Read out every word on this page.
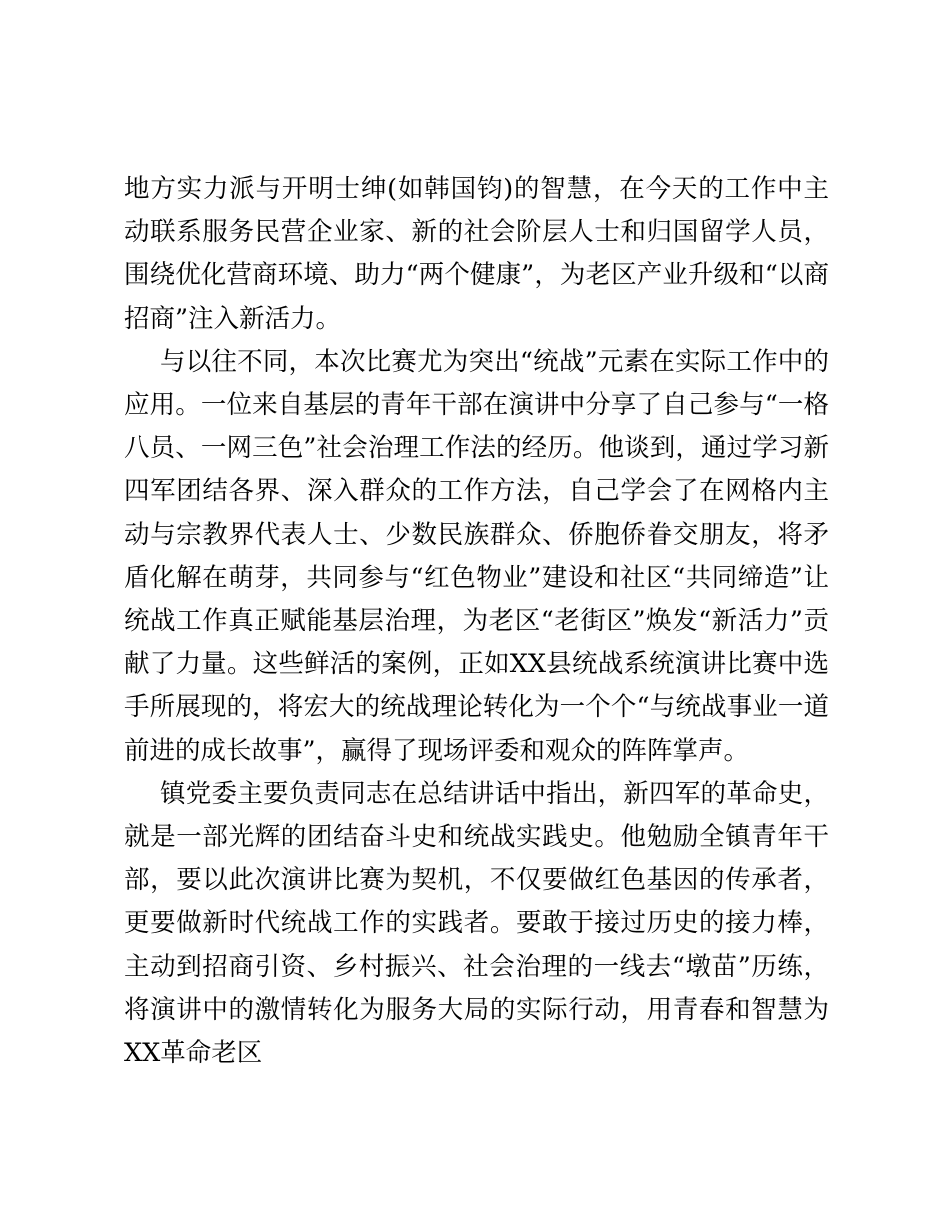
地方实力派与开明士绅(如韩国钧)的智慧，在今天的工作中主动联系服务民营企业家、新的社会阶层人士和归国留学人员，围绕优化营商环境、助力“两个健康”，为老区产业升级和“以商招商”注入新活力。

与以往不同，本次比赛尤为突出“统战”元素在实际工作中的应用。一位来自基层的青年干部在演讲中分享了自己参与“一格八员、一网三色”社会治理工作法的经历。他谈到，通过学习新四军团结各界、深入群众的工作方法，自己学会了在网格内主动与宗教界代表人士、少数民族群众、侨胞侨眷交朋友，将矛盾化解在萌芽，共同参与“红色物业”建设和社区“共同缔造”让统战工作真正赋能基层治理，为老区“老街区”焕发“新活力”贡献了力量。这些鲜活的案例，正如XX县统战系统演讲比赛中选手所展现的，将宏大的统战理论转化为一个个“与统战事业一道前进的成长故事”，赢得了现场评委和观众的阵阵掌声。

镇党委主要负责同志在总结讲话中指出，新四军的革命史，就是一部光辉的团结奋斗史和统战实践史。他勉励全镇青年干部，要以此次演讲比赛为契机，不仅要做红色基因的传承者，更要做新时代统战工作的实践者。要敢于接过历史的接力棒，主动到招商引资、乡村振兴、社会治理的一线去“墩苗”历练，将演讲中的激情转化为服务大局的实际行动，用青春和智慧为XX革命老区
